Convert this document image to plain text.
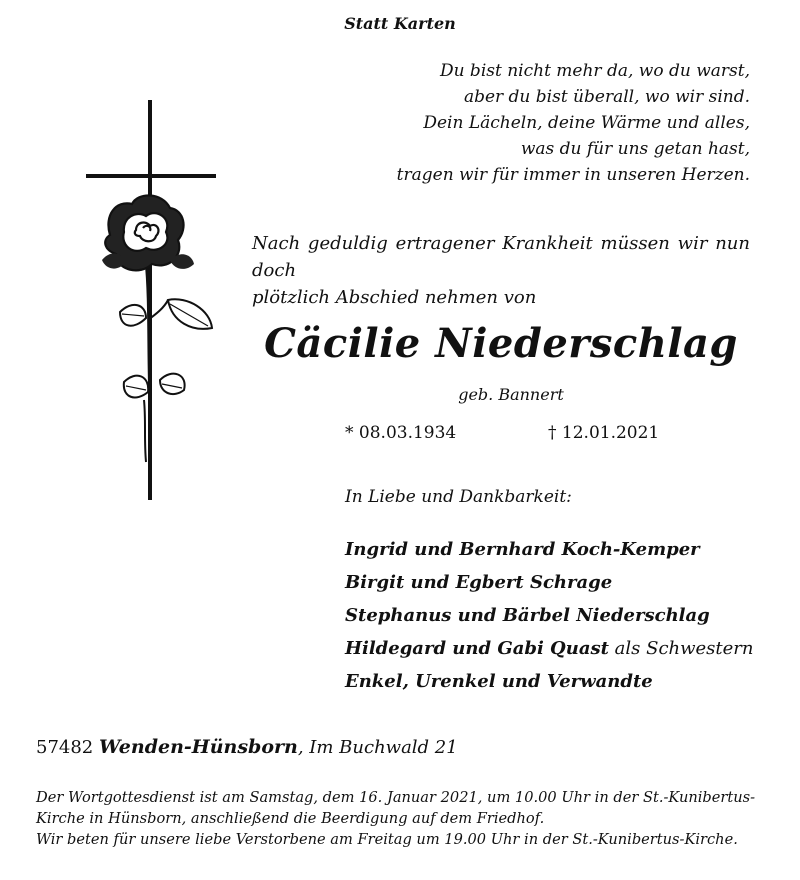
Statt Karten
Du bist nicht mehr da, wo du warst,
aber du bist überall, wo wir sind.
Dein Lächeln, deine Wärme und alles,
was du für uns getan hast,
tragen wir für immer in unseren Herzen.
Nach geduldig ertragener Krankheit müssen wir nun doch
plötzlich Abschied nehmen von
Cäcilie Niederschlag
geb. Bannert
* 08.03.1934	† 12.01.2021
In Liebe und Dankbarkeit:
Ingrid und Bernhard Koch-Kemper
Birgit und Egbert Schrage
Stephanus und Bärbel Niederschlag
Hildegard und Gabi Quast als Schwestern
Enkel, Urenkel und Verwandte
57482 Wenden-Hünsborn, Im Buchwald 21
Der Wortgottesdienst ist am Samstag, dem 16. Januar 2021, um 10.00 Uhr in der St.-Kunibertus-
Kirche in Hünsborn, anschließend die Beerdigung auf dem Friedhof.
Wir beten für unsere liebe Verstorbene am Freitag um 19.00 Uhr in der St.-Kunibertus-Kirche.
